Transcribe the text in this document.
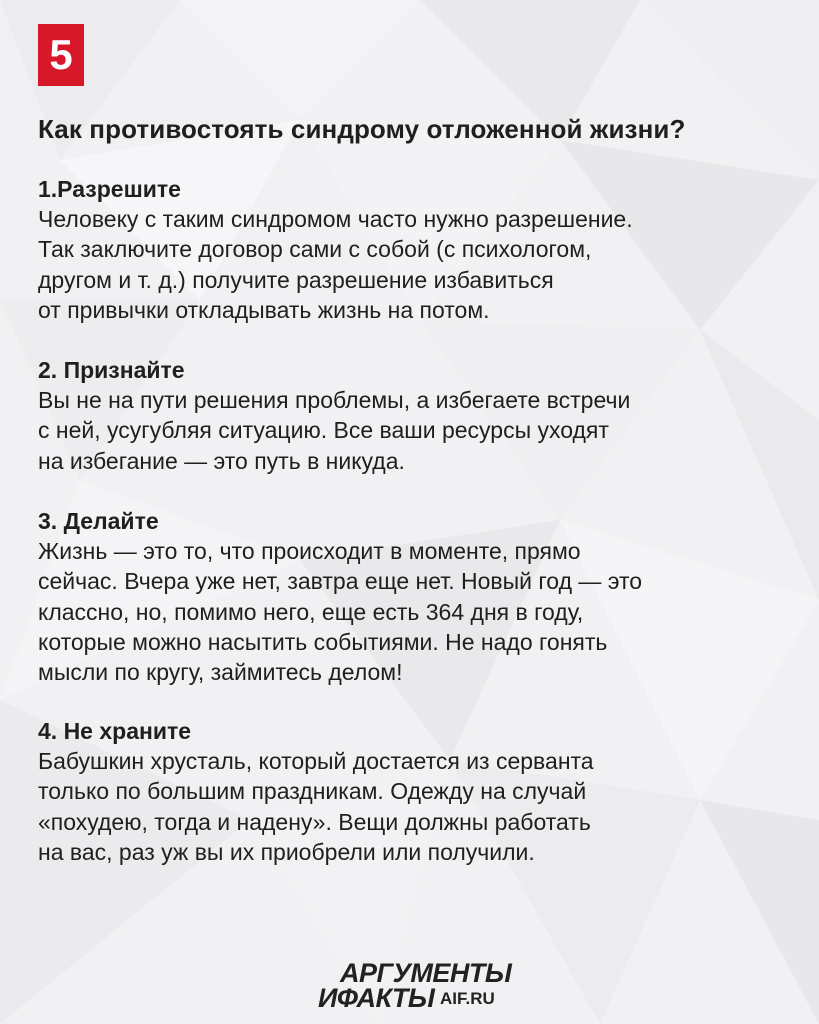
5
Как противостоять синдрому отложенной жизни?
1.Разрешите

Человеку с таким синдромом часто нужно разрешение.
Так заключите договор сами с собой (с психологом,
другом и т. д.) получите разрешение избавиться
от привычки откладывать жизнь на потом.

2. Признайте

Вы не на пути решения проблемы, а избегаете встречи
с ней, усугубляя ситуацию. Все ваши ресурсы уходят
на избегание — это путь в никуда.

3. Делайте

Жизнь — это то, что происходит в моменте, прямо
сейчас. Вчера уже нет, завтра еще нет. Новый год — это
классно, но, помимо него, еще есть 364 дня в году,
которые можно насытить событиями. Не надо гонять
мысли по кругу, займитесь делом!

4. Не храните

Бабушкин хрусталь, который достается из серванта
только по большим праздникам. Одежду на случай
«похудею, тогда и надену». Вещи должны работать
на вас, раз уж вы их приобрели или получили.

АРГУМЕНТЫ
ИФАКТЫ AIF.RU
